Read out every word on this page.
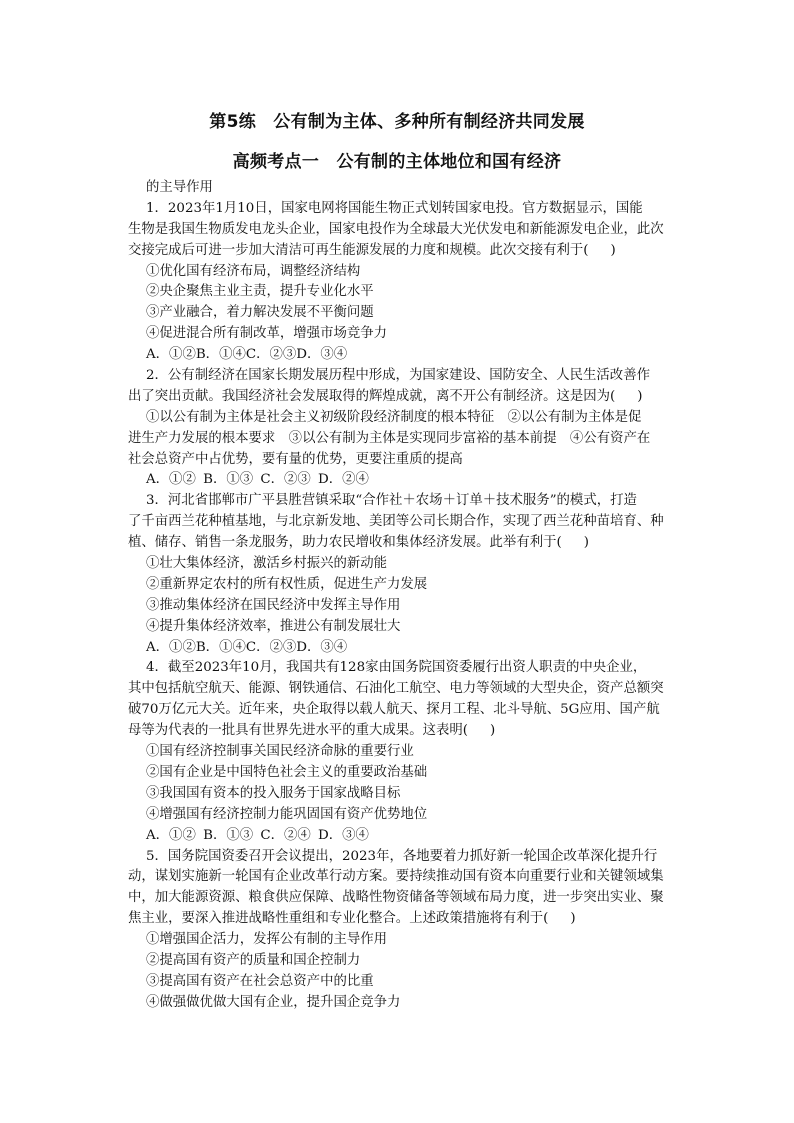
第5练　公有制为主体、多种所有制经济共同发展
高频考点一　公有制的主体地位和国有经济
的主导作用
1．2023年1月10日，国家电网将国能生物正式划转国家电投。官方数据显示，国能
生物是我国生物质发电龙头企业，国家电投作为全球最大光伏发电和新能源发电企业，此次
交接完成后可进一步加大清洁可再生能源发展的力度和规模。此次交接有利于( )
①优化国有经济布局，调整经济结构
②央企聚焦主业主责，提升专业化水平
③产业融合，着力解决发展不平衡问题
④促进混合所有制改革，增强市场竞争力
A．①②B．①④C．②③D．③④
2．公有制经济在国家长期发展历程中形成，为国家建设、国防安全、人民生活改善作
出了突出贡献。我国经济社会发展取得的辉煌成就，离不开公有制经济。这是因为( )
①以公有制为主体是社会主义初级阶段经济制度的根本特征　②以公有制为主体是促
进生产力发展的根本要求　③以公有制为主体是实现同步富裕的基本前提　④公有资产在
社会总资产中占优势，要有量的优势，更要注重质的提高
A．①② B．①③ C．②③ D．②④
3．河北省邯郸市广平县胜营镇采取“合作社＋农场＋订单＋技术服务”的模式，打造
了千亩西兰花种植基地，与北京新发地、美团等公司长期合作，实现了西兰花种苗培育、种
植、储存、销售一条龙服务，助力农民增收和集体经济发展。此举有利于( )
①壮大集体经济，激活乡村振兴的新动能
②重新界定农村的所有权性质，促进生产力发展
③推动集体经济在国民经济中发挥主导作用
④提升集体经济效率，推进公有制发展壮大
A．①②B．①④C．②③D．③④
4．截至2023年10月，我国共有128家由国务院国资委履行出资人职责的中央企业，
其中包括航空航天、能源、钢铁通信、石油化工航空、电力等领域的大型央企，资产总额突
破70万亿元大关。近年来，央企取得以载人航天、探月工程、北斗导航、5G应用、国产航
母等为代表的一批具有世界先进水平的重大成果。这表明( )
①国有经济控制事关国民经济命脉的重要行业
②国有企业是中国特色社会主义的重要政治基础
③我国国有资本的投入服务于国家战略目标
④增强国有经济控制力能巩固国有资产优势地位
A．①② B．①③ C．②④ D．③④
5．国务院国资委召开会议提出，2023年，各地要着力抓好新一轮国企改革深化提升行
动，谋划实施新一轮国有企业改革行动方案。要持续推动国有资本向重要行业和关键领域集
中，加大能源资源、粮食供应保障、战略性物资储备等领域布局力度，进一步突出实业、聚
焦主业，要深入推进战略性重组和专业化整合。上述政策措施将有利于( )
①增强国企活力，发挥公有制的主导作用
②提高国有资产的质量和国企控制力
③提高国有资产在社会总资产中的比重
④做强做优做大国有企业，提升国企竞争力
